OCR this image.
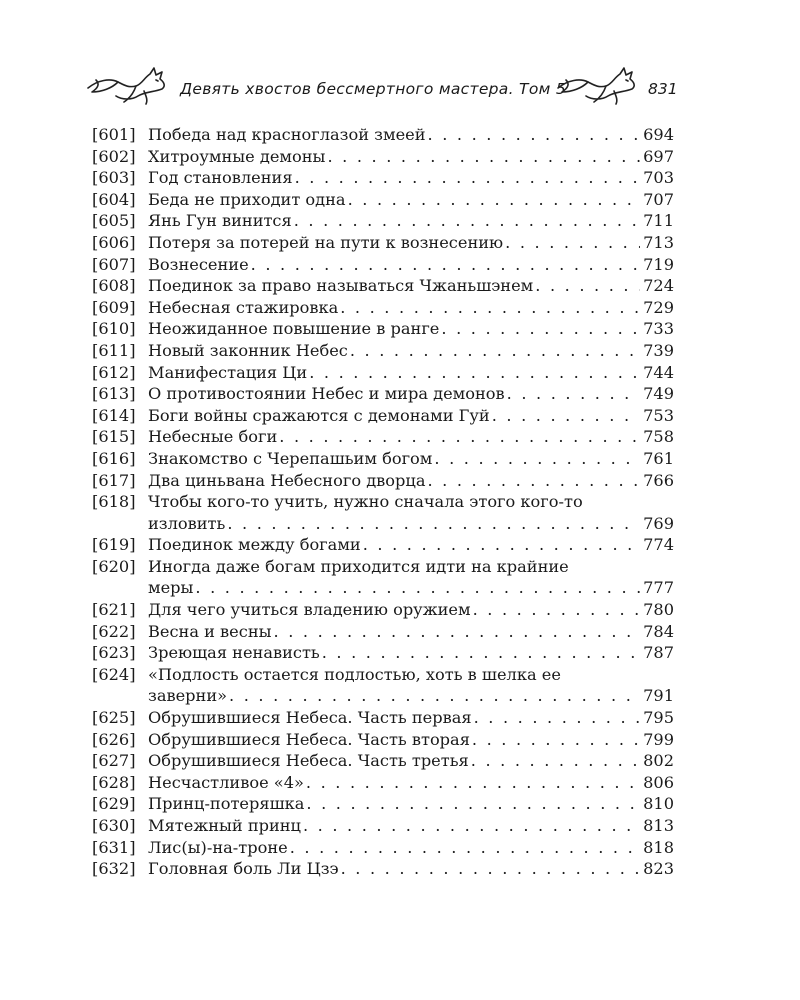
Девять хвостов бессмертного мастера. Том 5	831
[601] Победа над красноглазой змеей . . .	694
[602] Хитроумные демоны . . .	697
[603] Год становления . . .	703
[604] Беда не приходит одна . . .	707
[605] Янь Гун винится . . .	711
[606] Потеря за потерей на пути к вознесению . . .	713
[607] Вознесение . . .	719
[608] Поединок за право называться Чжаньшэнем . . .	724
[609] Небесная стажировка . . .	729
[610] Неожиданное повышение в ранге . . .	733
[611] Новый законник Небес . . .	739
[612] Манифестация Ци . . .	744
[613] О противостоянии Небес и мира демонов . . .	749
[614] Боги войны сражаются с демонами Гуй . . .	753
[615] Небесные боги . . .	758
[616] Знакомство с Черепашьим богом . . .	761
[617] Два циньвана Небесного дворца . . .	766
[618] Чтобы кого-то учить, нужно сначала этого кого-то
изловить . . .	769
[619] Поединок между богами . . .	774
[620] Иногда даже богам приходится идти на крайние
меры . . .	777
[621] Для чего учиться владению оружием . . .	780
[622] Весна и весны . . .	784
[623] Зреющая ненависть . . .	787
[624] «Подлость остается подлостью, хоть в шелка ее
заверни» . . .	791
[625] Обрушившиеся Небеса. Часть первая . . .	795
[626] Обрушившиеся Небеса. Часть вторая . . .	799
[627] Обрушившиеся Небеса. Часть третья . . .	802
[628] Несчастливое «4» . . .	806
[629] Принц-потеряшка . . .	810
[630] Мятежный принц . . .	813
[631] Лис(ы)-на-троне . . .	818
[632] Головная боль Ли Цзэ . . .	823
